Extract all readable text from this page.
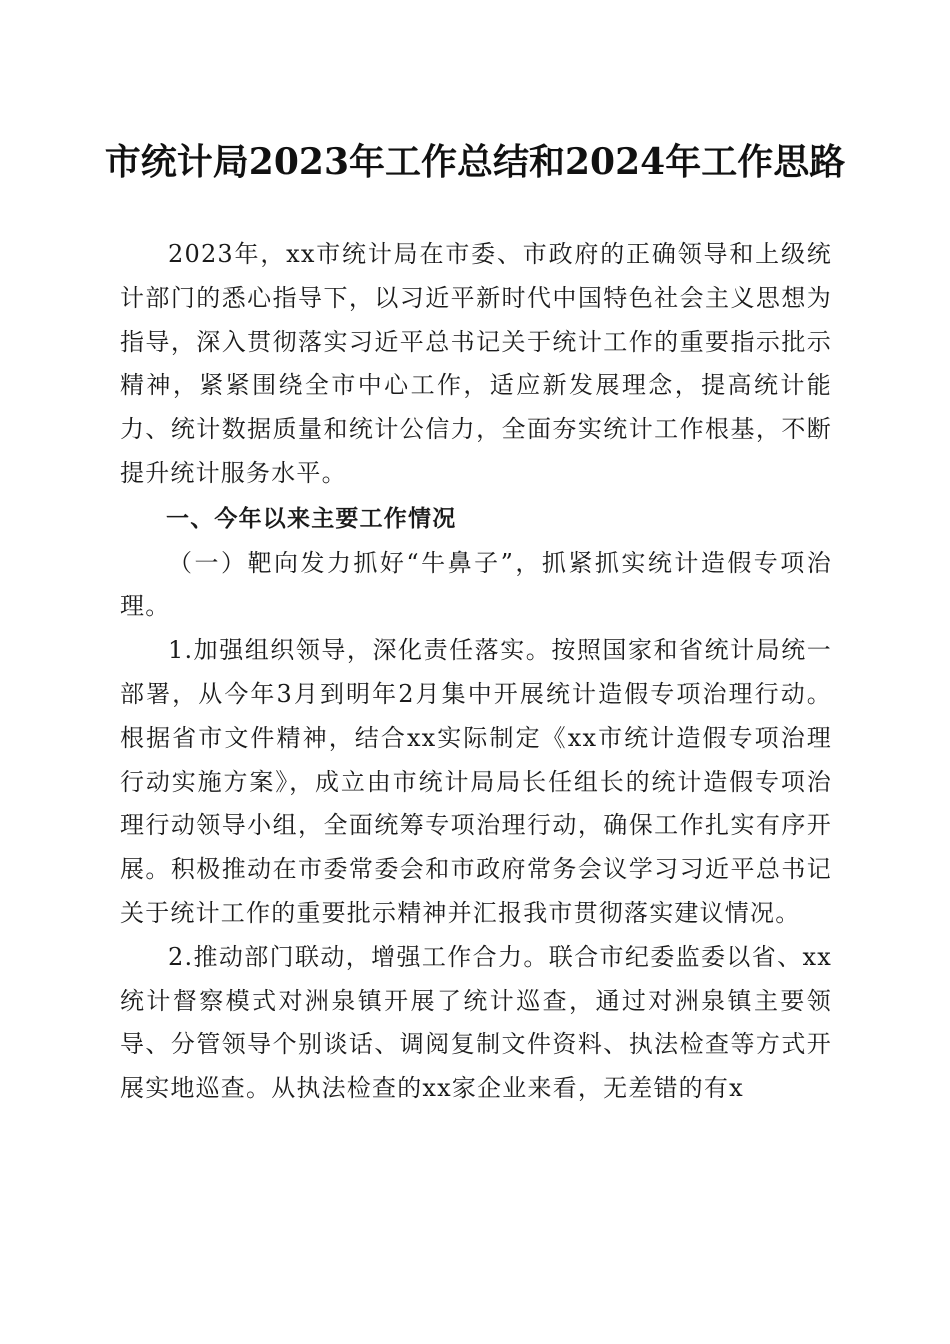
市统计局2023年工作总结和2024年工作思路

2023年，xx市统计局在市委、市政府的正确领导和上级统计部门的悉心指导下，以习近平新时代中国特色社会主义思想为指导，深入贯彻落实习近平总书记关于统计工作的重要指示批示精神，紧紧围绕全市中心工作，适应新发展理念，提高统计能力、统计数据质量和统计公信力，全面夯实统计工作根基，不断提升统计服务水平。

一、今年以来主要工作情况

（一）靶向发力抓好“牛鼻子”，抓紧抓实统计造假专项治理。

1.加强组织领导，深化责任落实。按照国家和省统计局统一部署，从今年3月到明年2月集中开展统计造假专项治理行动。根据省市文件精神，结合xx实际制定《xx市统计造假专项治理行动实施方案》，成立由市统计局局长任组长的统计造假专项治理行动领导小组，全面统筹专项治理行动，确保工作扎实有序开展。积极推动在市委常委会和市政府常务会议学习习近平总书记关于统计工作的重要批示精神并汇报我市贯彻落实建议情况。

2.推动部门联动，增强工作合力。联合市纪委监委以省、xx统计督察模式对洲泉镇开展了统计巡查，通过对洲泉镇主要领导、分管领导个别谈话、调阅复制文件资料、执法检查等方式开展实地巡查。从执法检查的xx家企业来看，无差错的有x
